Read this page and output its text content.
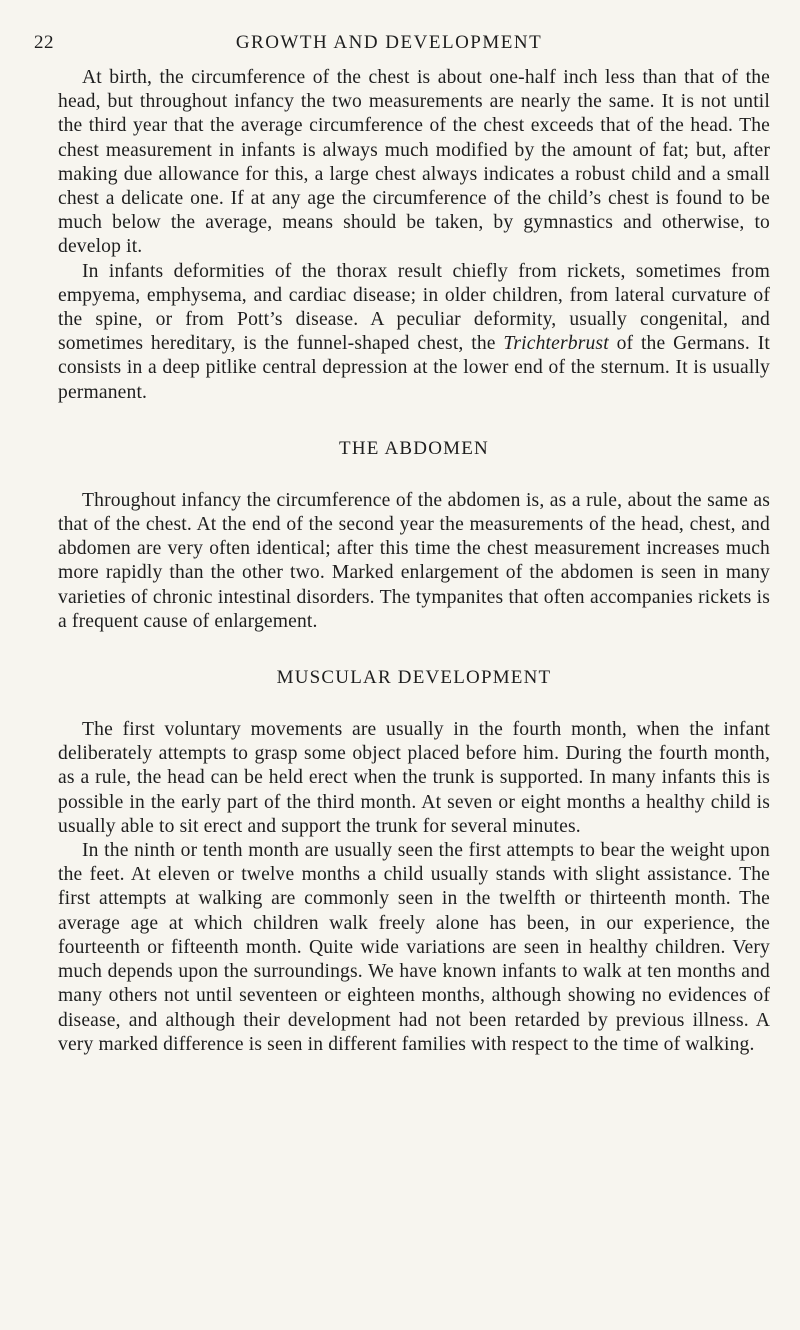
22	GROWTH AND DEVELOPMENT

At birth, the circumference of the chest is about one-half inch less than that of the head, but throughout infancy the two measurements are nearly the same. It is not until the third year that the average circumference of the chest exceeds that of the head. The chest measurement in infants is always much modified by the amount of fat; but, after making due allowance for this, a large chest always indicates a robust child and a small chest a delicate one. If at any age the circumference of the child’s chest is found to be much below the average, means should be taken, by gymnastics and otherwise, to develop it.

In infants deformities of the thorax result chiefly from rickets, sometimes from empyema, emphysema, and cardiac disease; in older children, from lateral curvature of the spine, or from Pott’s disease. A peculiar deformity, usually congenital, and sometimes hereditary, is the funnel-shaped chest, the Trichterbrust of the Germans. It consists in a deep pitlike central depression at the lower end of the sternum. It is usually permanent.

THE ABDOMEN

Throughout infancy the circumference of the abdomen is, as a rule, about the same as that of the chest. At the end of the second year the measurements of the head, chest, and abdomen are very often identical; after this time the chest measurement increases much more rapidly than the other two. Marked enlargement of the abdomen is seen in many varieties of chronic intestinal disorders. The tympanites that often accompanies rickets is a frequent cause of enlargement.

MUSCULAR DEVELOPMENT

The first voluntary movements are usually in the fourth month, when the infant deliberately attempts to grasp some object placed before him. During the fourth month, as a rule, the head can be held erect when the trunk is supported. In many infants this is possible in the early part of the third month. At seven or eight months a healthy child is usually able to sit erect and support the trunk for several minutes.

In the ninth or tenth month are usually seen the first attempts to bear the weight upon the feet. At eleven or twelve months a child usually stands with slight assistance. The first attempts at walking are commonly seen in the twelfth or thirteenth month. The average age at which children walk freely alone has been, in our experience, the fourteenth or fifteenth month. Quite wide variations are seen in healthy children. Very much depends upon the surroundings. We have known infants to walk at ten months and many others not until seventeen or eighteen months, although showing no evidences of disease, and although their development had not been retarded by previous illness. A very marked difference is seen in different families with respect to the time of walking.
